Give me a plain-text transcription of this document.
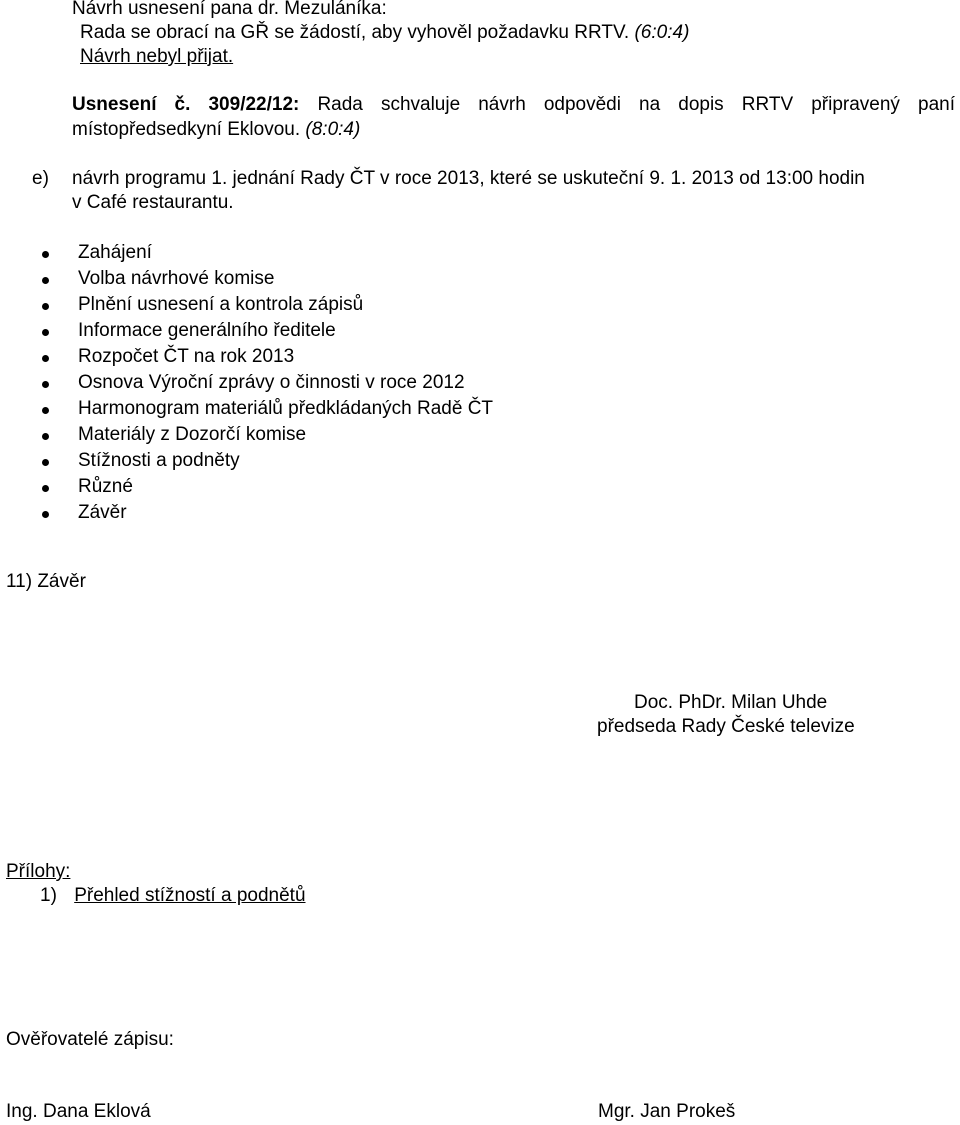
Návrh usnesení pana dr. Mezuláníka:
Rada se obrací na GŘ se žádostí, aby vyhověl požadavku RRTV. (6:0:4)
Návrh nebyl přijat.
Usnesení č. 309/22/12: Rada schvaluje návrh odpovědi na dopis RRTV připravený paní
místopředsedkyní Eklovou. (8:0:4)
e) návrh programu 1. jednání Rady ČT v roce 2013, které se uskuteční 9. 1. 2013 od 13:00 hodin
v Café restaurantu.
Zahájení
Volba návrhové komise
Plnění usnesení a kontrola zápisů
Informace generálního ředitele
Rozpočet ČT na rok 2013
Osnova Výroční zprávy o činnosti v roce 2012
Harmonogram materiálů předkládaných Radě ČT
Materiály z Dozorčí komise
Stížnosti a podněty
Různé
Závěr
11) Závěr
Doc. PhDr. Milan Uhde
předseda Rady České televize
Přílohy:
1) Přehled stížností a podnětů
Ověřovatelé zápisu:
Ing. Dana Eklová	Mgr. Jan Prokeš
